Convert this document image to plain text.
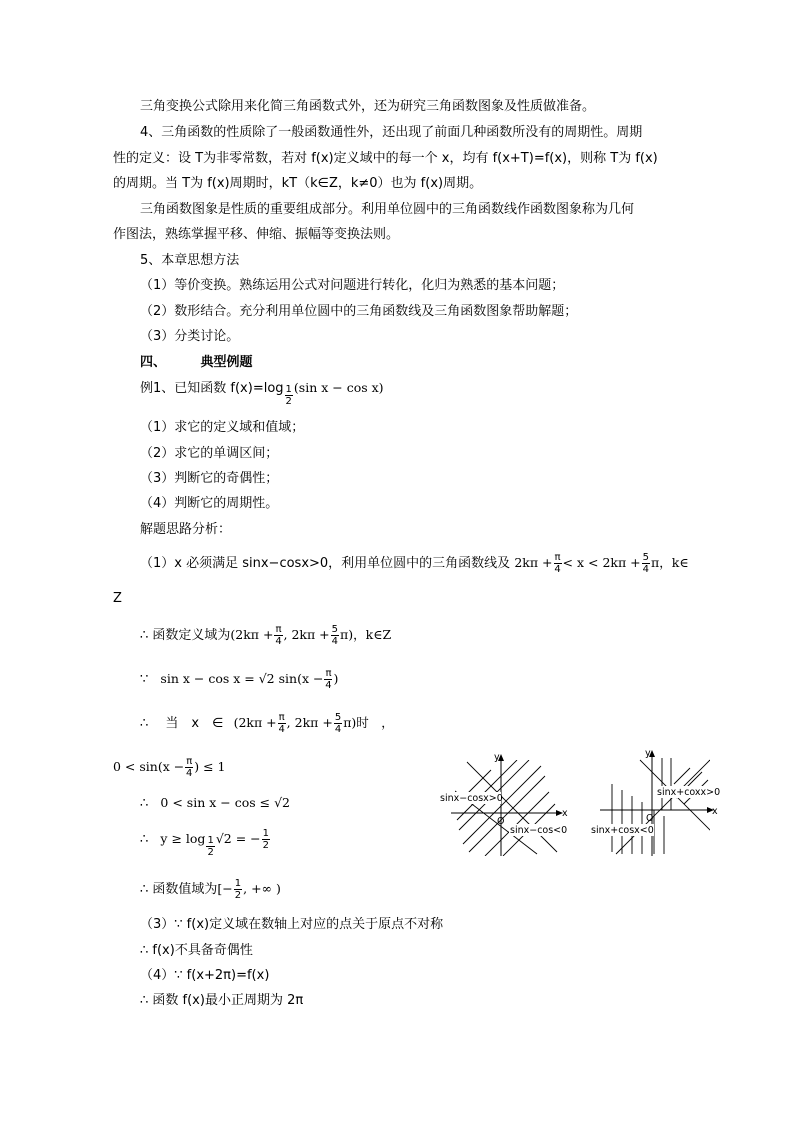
三角变换公式除用来化简三角函数式外，还为研究三角函数图象及性质做准备。
4、三角函数的性质除了一般函数通性外，还出现了前面几种函数所没有的周期性。周期
性的定义：设 T为非零常数，若对 f(x)定义域中的每一个 x，均有 f(x+T)=f(x)，则称 T为 f(x)
的周期。当 T为 f(x)周期时，kT（k∈Z，k≠0）也为 f(x)周期。
三角函数图象是性质的重要组成部分。利用单位圆中的三角函数线作函数图象称为几何
作图法，熟练掌握平移、伸缩、振幅等变换法则。
5、本章思想方法
（1）等价变换。熟练运用公式对问题进行转化，化归为熟悉的基本问题；
（2）数形结合。充分利用单位圆中的三角函数线及三角函数图象帮助解题；
（3）分类讨论。
四、	典型例题
例1、已知函数 $f(x)=\log \frac{1}{2} (\sin$ x − cos x)
（1）求它的定义域和值域；
（2）求它的单调区间；
（3）判断它的奇偶性；
（4）判断它的周期性。
解题思路分析：
（1）x 必须满足 sinx−cosx>0，利用单位圆中的三角函数线及 $2k\pi + \frac{\pi}{4} < x < 2k\pi + \frac{5}{4}$ π，k∈
Z
∴ 函数定义域为($2k\pi + \frac{\pi}{4}$ , $2k\pi + \frac{5}{4} \pi$)，k∈Z
∵ sin x − cos x = √2 $\sin(x - \frac{\pi}{4}$ )
∴　 当　x　∈ ($2k\pi + \frac{\pi}{4}$ , $2k\pi + \frac{5}{4} \pi$)时　，
$0 < \sin(x - \frac{\pi}{4}$ ) ≤ 1
∴ 0 < sin x − cos ≤ √2
∴ $y \ge \log \frac{1}{2} √2$ = − $\frac{1}{2}$
∴ 函数值域为[− $\frac{1}{2}$ , +∞ )
（3）∵ f(x)定义域在数轴上对应的点关于原点不对称
∴ f(x)不具备奇偶性
（4）∵ f(x+2π)=f(x)
∴ 函数 f(x)最小正周期为 2π
y
x
O
sinx−cosx>0
sinx−cos<0
y
x
O
sinx+coxx>0
sinx+cosx<0
